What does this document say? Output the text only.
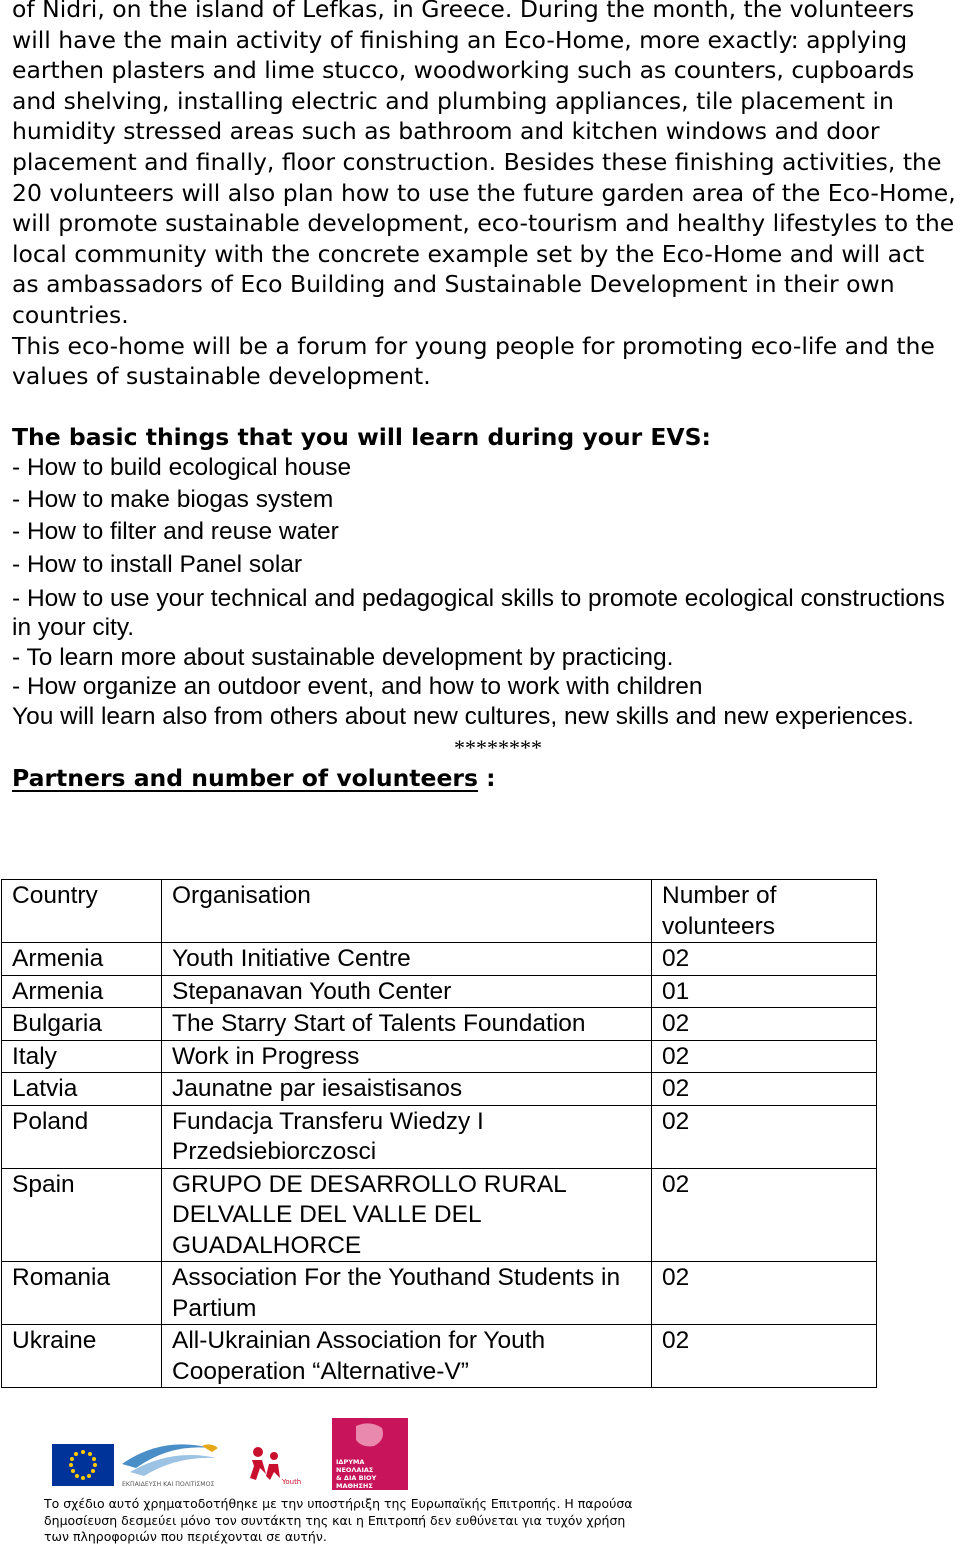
of Nidri, on the island of Lefkas, in Greece. During the month, the volunteers will have the main activity of finishing an Eco-Home, more exactly: applying earthen plasters and lime stucco, woodworking such as counters, cupboards and shelving, installing electric and plumbing appliances, tile placement in humidity stressed areas such as bathroom and kitchen windows and door placement and finally, floor construction. Besides these finishing activities, the 20 volunteers will also plan how to use the future garden area of the Eco-Home, will promote sustainable development, eco-tourism and healthy lifestyles to the local community with the concrete example set by the Eco-Home and will act as ambassadors of Eco Building and Sustainable Development in their own countries.

This eco-home will be a forum for young people for promoting eco-life and the values of sustainable development.

The basic things that you will learn during your EVS:

- How to build ecological house
- How to make biogas system
- How to filter and reuse water
- How to install Panel solar
- How to use your technical and pedagogical skills to promote ecological constructions in your city.
- To learn more about sustainable development by practicing.
- How organize an outdoor event, and how to work with children

You will learn also from others about new cultures, new skills and new experiences.

********

Partners and number of volunteers :

Country	Organisation	Number of volunteers
Armenia	Youth Initiative Centre	02
Armenia	Stepanavan Youth Center	01
Bulgaria	The Starry Start of Talents Foundation	02
Italy	Work in Progress	02
Latvia	Jaunatne par iesaistisanos	02
Poland	Fundacja Transferu Wiedzy I Przedsiebiorczosci	02
Spain	GRUPO DE DESARROLLO RURAL DELVALLE DEL VALLE DEL GUADALHORCE	02
Romania	Association For the Youthand Students in Partium	02
Ukraine	All-Ukrainian Association for Youth Cooperation “Alternative-V”	02
ΕΚΠΑΙΔΕΥΣΗ ΚΑΙ ΠΟΛΙΤΙΣΜΟΣ	Youth
ΙΔΡΥΜΑ
ΝΕΟΛΑΙΑΣ
& ΔΙΑ ΒΙΟΥ
ΜΑΘΗΣΗΣ
Το σχέδιο αυτό χρηματοδοτήθηκε με την υποστήριξη της Ευρωπαϊκής Επιτροπής. Η παρούσα δημοσίευση δεσμεύει μόνο τον συντάκτη της και η Επιτροπή δεν ευθύνεται για τυχόν χρήση των πληροφοριών που περιέχονται σε αυτήν.
